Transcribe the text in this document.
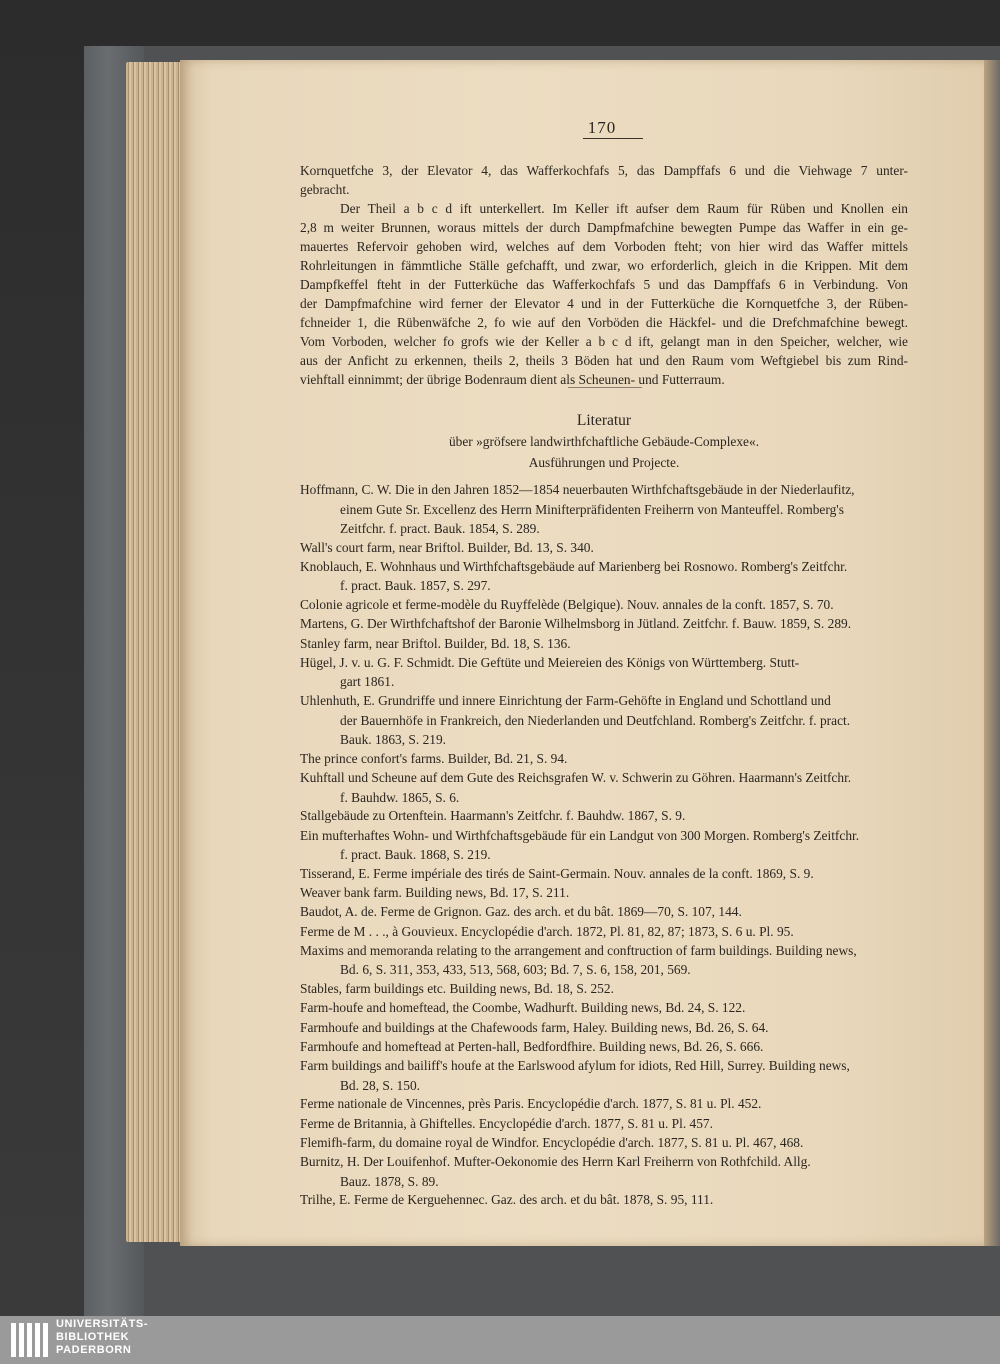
170
Kornquetfche 3, der Elevator 4, das Wafferkochfafs 5, das Dampffafs 6 und die Viehwage 7 unter-
gebracht.
Der Theil a b c d ift unterkellert. Im Keller ift aufser dem Raum für Rüben und Knollen ein
2,8 m weiter Brunnen, woraus mittels der durch Dampfmafchine bewegten Pumpe das Waffer in ein ge-
mauertes Refervoir gehoben wird, welches auf dem Vorboden fteht; von hier wird das Waffer mittels
Rohrleitungen in fämmtliche Ställe gefchafft, und zwar, wo erforderlich, gleich in die Krippen. Mit dem
Dampfkeffel fteht in der Futterküche das Wafferkochfafs 5 und das Dampffafs 6 in Verbindung. Von
der Dampfmafchine wird ferner der Elevator 4 und in der Futterküche die Kornquetfche 3, der Rüben-
fchneider 1, die Rübenwäfche 2, fo wie auf den Vorböden die Häckfel- und die Drefchmafchine bewegt.
Vom Vorboden, welcher fo grofs wie der Keller a b c d ift, gelangt man in den Speicher, welcher, wie
aus der Anficht zu erkennen, theils 2, theils 3 Böden hat und den Raum vom Weftgiebel bis zum Rind-
viehftall einnimmt; der übrige Bodenraum dient als Scheunen- und Futterraum.
Literatur
über »gröfsere landwirthfchaftliche Gebäude-Complexe«.
Ausführungen und Projecte.
Hoffmann, C. W. Die in den Jahren 1852—1854 neuerbauten Wirthfchaftsgebäude in der Niederlaufitz,
einem Gute Sr. Excellenz des Herrn Minifterpräfidenten Freiherrn von Manteuffel. Romberg's
Zeitfchr. f. pract. Bauk. 1854, S. 289.
Wall's court farm, near Briftol. Builder, Bd. 13, S. 340.
Knoblauch, E. Wohnhaus und Wirthfchaftsgebäude auf Marienberg bei Rosnowo. Romberg's Zeitfchr.
f. pract. Bauk. 1857, S. 297.
Colonie agricole et ferme-modèle du Ruyffelède (Belgique). Nouv. annales de la conft. 1857, S. 70.
Martens, G. Der Wirthfchaftshof der Baronie Wilhelmsborg in Jütland. Zeitfchr. f. Bauw. 1859, S. 289.
Stanley farm, near Briftol. Builder, Bd. 18, S. 136.
Hügel, J. v. u. G. F. Schmidt. Die Geftüte und Meiereien des Königs von Württemberg. Stutt-
gart 1861.
Uhlenhuth, E. Grundriffe und innere Einrichtung der Farm-Gehöfte in England und Schottland und
der Bauernhöfe in Frankreich, den Niederlanden und Deutfchland. Romberg's Zeitfchr. f. pract.
Bauk. 1863, S. 219.
The prince confort's farms. Builder, Bd. 21, S. 94.
Kuhftall und Scheune auf dem Gute des Reichsgrafen W. v. Schwerin zu Göhren. Haarmann's Zeitfchr.
f. Bauhdw. 1865, S. 6.
Stallgebäude zu Ortenftein. Haarmann's Zeitfchr. f. Bauhdw. 1867, S. 9.
Ein mufterhaftes Wohn- und Wirthfchaftsgebäude für ein Landgut von 300 Morgen. Romberg's Zeitfchr.
f. pract. Bauk. 1868, S. 219.
Tisserand, E. Ferme impériale des tirés de Saint-Germain. Nouv. annales de la conft. 1869, S. 9.
Weaver bank farm. Building news, Bd. 17, S. 211.
Baudot, A. de. Ferme de Grignon. Gaz. des arch. et du bât. 1869—70, S. 107, 144.
Ferme de M . . ., à Gouvieux. Encyclopédie d'arch. 1872, Pl. 81, 82, 87; 1873, S. 6 u. Pl. 95.
Maxims and memoranda relating to the arrangement and conftruction of farm buildings. Building news,
Bd. 6, S. 311, 353, 433, 513, 568, 603; Bd. 7, S. 6, 158, 201, 569.
Stables, farm buildings etc. Building news, Bd. 18, S. 252.
Farm-houfe and homeftead, the Coombe, Wadhurft. Building news, Bd. 24, S. 122.
Farmhoufe and buildings at the Chafewoods farm, Haley. Building news, Bd. 26, S. 64.
Farmhoufe and homeftead at Perten-hall, Bedfordfhire. Building news, Bd. 26, S. 666.
Farm buildings and bailiff's houfe at the Earlswood afylum for idiots, Red Hill, Surrey. Building news,
Bd. 28, S. 150.
Ferme nationale de Vincennes, près Paris. Encyclopédie d'arch. 1877, S. 81 u. Pl. 452.
Ferme de Britannia, à Ghiftelles. Encyclopédie d'arch. 1877, S. 81 u. Pl. 457.
Flemifh-farm, du domaine royal de Windfor. Encyclopédie d'arch. 1877, S. 81 u. Pl. 467, 468.
Burnitz, H. Der Louifenhof. Mufter-Oekonomie des Herrn Karl Freiherrn von Rothfchild. Allg.
Bauz. 1878, S. 89.
Trilhe, E. Ferme de Kerguehennec. Gaz. des arch. et du bât. 1878, S. 95, 111.
UNIVERSITÄTS-
BIBLIOTHEK
PADERBORN
